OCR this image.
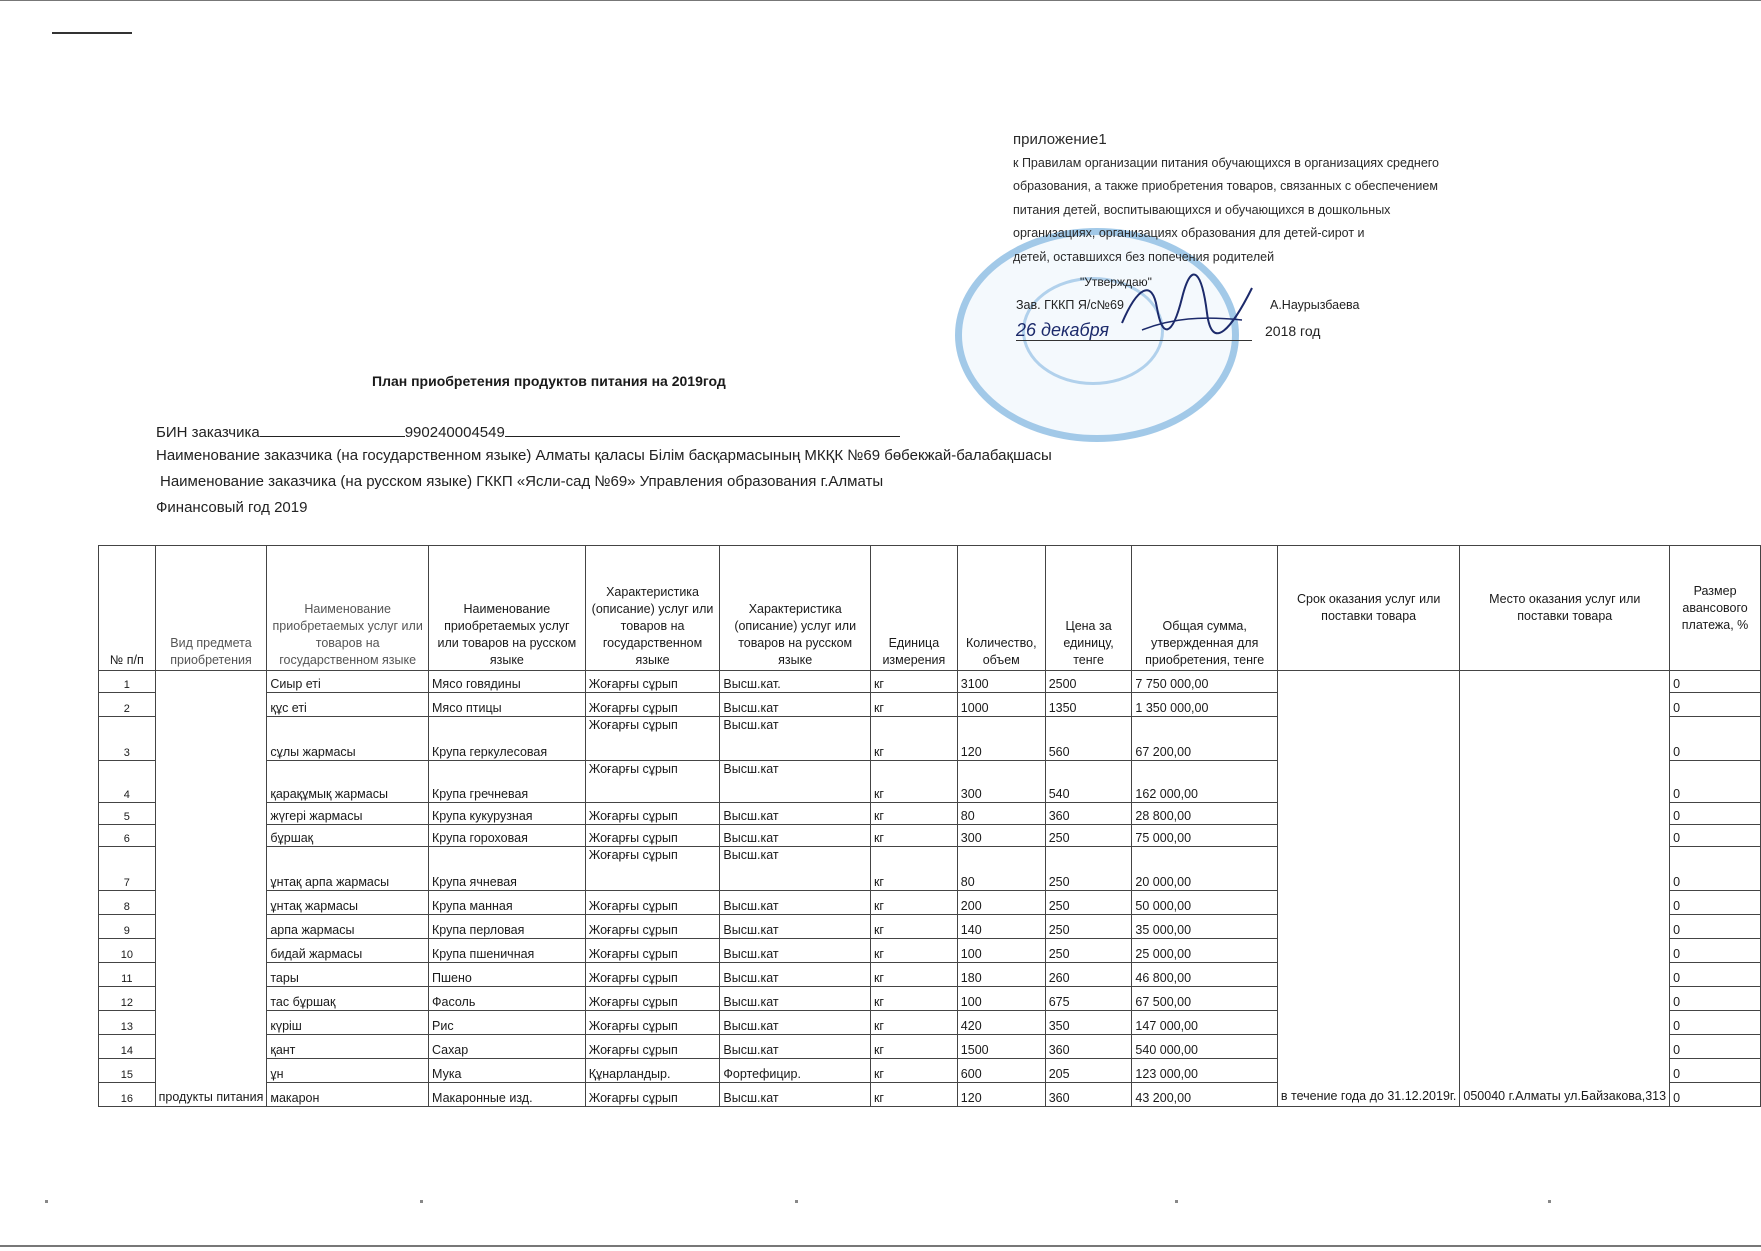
приложение1
к Правилам организации питания обучающихся в организациях среднего
образования, а также приобретения товаров, связанных с обеспечением
питания детей, воспитывающихся и обучающихся в дошкольных
организациях, организациях образования для детей-сирот и
детей, оставшихся без попечения родителей
"Утверждаю"
Зав. ГККП Я/с№69	А.Наурызбаева
26 декабря	2018 год
План приобретения продуктов питания на 2019год
БИН заказчика	990240004549
Наименование заказчика (на государственном языке) Алматы қаласы Білім басқармасының МКҚК №69 бөбекжай-балабақшасы
Наименование заказчика (на русском языке) ГККП «Ясли-сад №69» Управления образования г.Алматы
Финансовый год 2019
№ п/п	Вид предмета приобретения	Наименование приобретаемых услуг или товаров на государственном языке	Наименование приобретаемых услуг или товаров на русском языке	Характеристика (описание) услуг или товаров на государственном языке	Характеристика (описание) услуг или товаров на русском языке	Единица измерения	Количество, объем	Цена за единицу, тенге	Общая сумма, утвержденная для приобретения, тенге	Срок оказания услуг или поставки товара	Место оказания услуг или поставки товара	Размер авансового платежа, %
1	продукты питания	Сиыр еті	Мясо говядины	Жоғарғы сұрып	Высш.кат.	кг	3100	2500	7 750 000,00	в течение года до 31.12.2019г.	050040 г.Алматы ул.Байзакова,313	0
2		құс еті	Мясо птицы	Жоғарғы сұрып	Высш.кат	кг	1000	1350	1 350 000,00			0
3		сұлы жармасы	Крупа геркулесовая	Жоғарғы сұрып	Высш.кат	кг	120	560	67 200,00			0
4		қарақұмық жармасы	Крупа гречневая	Жоғарғы сұрып	Высш.кат	кг	300	540	162 000,00			0
5		жүгері жармасы	Крупа кукурузная	Жоғарғы сұрып	Высш.кат	кг	80	360	28 800,00			0
6		бұршақ	Крупа гороховая	Жоғарғы сұрып	Высш.кат	кг	300	250	75 000,00			0
7		ұнтақ арпа жармасы	Крупа ячневая	Жоғарғы сұрып	Высш.кат	кг	80	250	20 000,00			0
8		ұнтақ жармасы	Крупа манная	Жоғарғы сұрып	Высш.кат	кг	200	250	50 000,00			0
9		арпа жармасы	Крупа перловая	Жоғарғы сұрып	Высш.кат	кг	140	250	35 000,00			0
10		бидай жармасы	Крупа пшеничная	Жоғарғы сұрып	Высш.кат	кг	100	250	25 000,00			0
11		тары	Пшено	Жоғарғы сұрып	Высш.кат	кг	180	260	46 800,00			0
12		тас бұршақ	Фасоль	Жоғарғы сұрып	Высш.кат	кг	100	675	67 500,00			0
13		күріш	Рис	Жоғарғы сұрып	Высш.кат	кг	420	350	147 000,00			0
14		қант	Сахар	Жоғарғы сұрып	Высш.кат	кг	1500	360	540 000,00			0
15		ұн	Мука	Құнарландыр.	Фортефицир.	кг	600	205	123 000,00			0
16		макарон	Макаронные изд.	Жоғарғы сұрып	Высш.кат	кг	120	360	43 200,00			0
